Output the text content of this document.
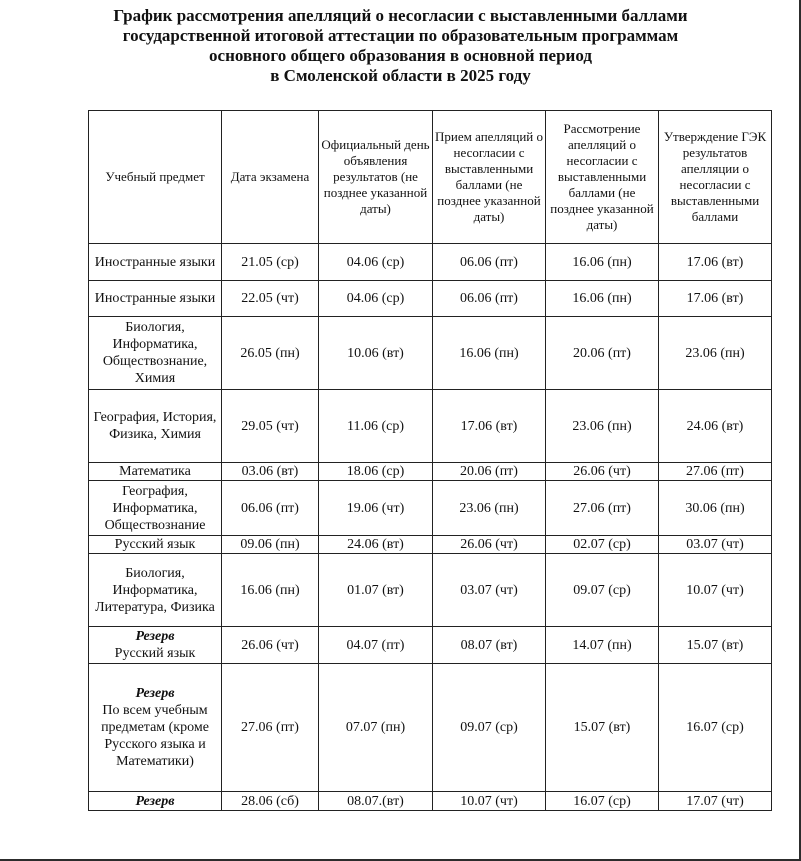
График рассмотрения апелляций о несогласии с выставленными баллами
государственной итоговой аттестации по образовательным программам
основного общего образования в основной период
в Смоленской области в 2025 году
Учебный предмет	Дата экзамена	Официальный день объявления результатов (не позднее указанной даты)	Прием апелляций о несогласии с выставленными баллами (не позднее указанной даты)	Рассмотрение апелляций о несогласии с выставленными баллами (не позднее указанной даты)	Утверждение ГЭК результатов апелляции о несогласии с выставленными баллами

Иностранные языки	21.05 (ср)	04.06 (ср)	06.06 (пт)	16.06 (пн)	17.06 (вт)

Иностранные языки	22.05 (чт)	04.06 (ср)	06.06 (пт)	16.06 (пн)	17.06 (вт)

Биология, Информатика, Обществознание, Химия	26.05 (пн)	10.06 (вт)	16.06 (пн)	20.06 (пт)	23.06 (пн)

География, История, Физика, Химия	29.05 (чт)	11.06 (ср)	17.06 (вт)	23.06 (пн)	24.06 (вт)

Математика	03.06 (вт)	18.06 (ср)	20.06 (пт)	26.06 (чт)	27.06 (пт)

География, Информатика, Обществознание	06.06 (пт)	19.06 (чт)	23.06 (пн)	27.06 (пт)	30.06 (пн)

Русский язык	09.06 (пн)	24.06 (вт)	26.06 (чт)	02.07 (ср)	03.07 (чт)

Биология, Информатика, Литература, Физика	16.06 (пн)	01.07 (вт)	03.07 (чт)	09.07 (ср)	10.07 (чт)

Резерв
Русский язык	26.06 (чт)	04.07 (пт)	08.07 (вт)	14.07 (пн)	15.07 (вт)

Резерв
По всем учебным предметам (кроме Русского языка и Математики)	27.06 (пт)	07.07 (пн)	09.07 (ср)	15.07 (вт)	16.07 (ср)

Резерв	28.06 (сб)	08.07.(вт)	10.07 (чт)	16.07 (ср)	17.07 (чт)
